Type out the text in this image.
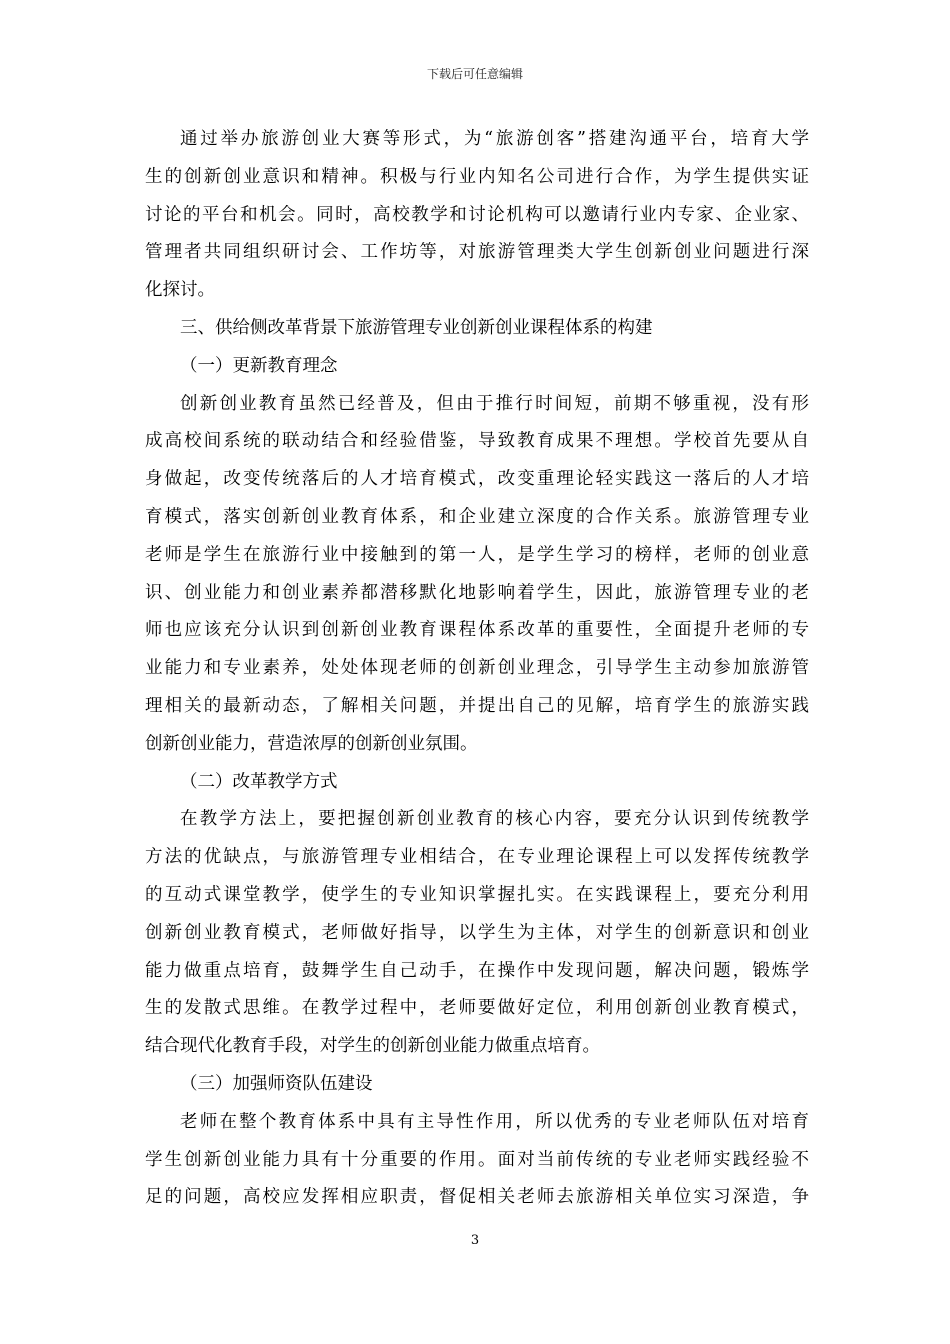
下载后可任意编辑
通过举办旅游创业大赛等形式，为“旅游创客”搭建沟通平台，培育大学
生的创新创业意识和精神。积极与行业内知名公司进行合作，为学生提供实证
讨论的平台和机会。同时，高校教学和讨论机构可以邀请行业内专家、企业家、
管理者共同组织研讨会、工作坊等，对旅游管理类大学生创新创业问题进行深
化探讨。
三、供给侧改革背景下旅游管理专业创新创业课程体系的构建
（一）更新教育理念
创新创业教育虽然已经普及，但由于推行时间短，前期不够重视，没有形
成高校间系统的联动结合和经验借鉴，导致教育成果不理想。学校首先要从自
身做起，改变传统落后的人才培育模式，改变重理论轻实践这一落后的人才培
育模式，落实创新创业教育体系，和企业建立深度的合作关系。旅游管理专业
老师是学生在旅游行业中接触到的第一人，是学生学习的榜样，老师的创业意
识、创业能力和创业素养都潜移默化地影响着学生，因此，旅游管理专业的老
师也应该充分认识到创新创业教育课程体系改革的重要性，全面提升老师的专
业能力和专业素养，处处体现老师的创新创业理念，引导学生主动参加旅游管
理相关的最新动态，了解相关问题，并提出自己的见解，培育学生的旅游实践
创新创业能力，营造浓厚的创新创业氛围。
（二）改革教学方式
在教学方法上，要把握创新创业教育的核心内容，要充分认识到传统教学
方法的优缺点，与旅游管理专业相结合，在专业理论课程上可以发挥传统教学
的互动式课堂教学，使学生的专业知识掌握扎实。在实践课程上，要充分利用
创新创业教育模式，老师做好指导，以学生为主体，对学生的创新意识和创业
能力做重点培育，鼓舞学生自己动手，在操作中发现问题，解决问题，锻炼学
生的发散式思维。在教学过程中，老师要做好定位，利用创新创业教育模式，
结合现代化教育手段，对学生的创新创业能力做重点培育。
（三）加强师资队伍建设
老师在整个教育体系中具有主导性作用，所以优秀的专业老师队伍对培育
学生创新创业能力具有十分重要的作用。面对当前传统的专业老师实践经验不
足的问题，高校应发挥相应职责，督促相关老师去旅游相关单位实习深造，争
3
